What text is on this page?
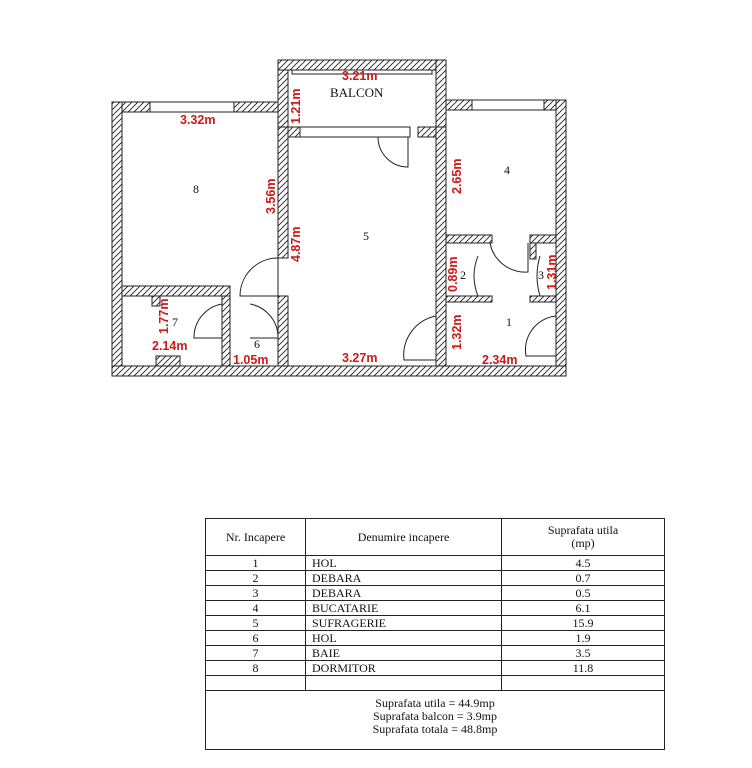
1
2	3
4
5
6
7
8
BALCON
3.21m
1.21m
3.32m
3.56m
4.87m
2.65m
0.89m	1.31m
1.77m
2.14m
1.05m	3.27m
1.32m
2.34m
Nr. Incapere	Denumire incapere	Suprafata utila
(mp)

1	HOL	4.5
2	DEBARA	0.7
3	DEBARA	0.5
4	BUCATARIE	6.1
5	SUFRAGERIE	15.9
6	HOL	1.9
7	BAIE	3.5
8	DORMITOR	11.8

Suprafata utila = 44.9mp
Suprafata balcon = 3.9mp
Suprafata totala = 48.8mp		
